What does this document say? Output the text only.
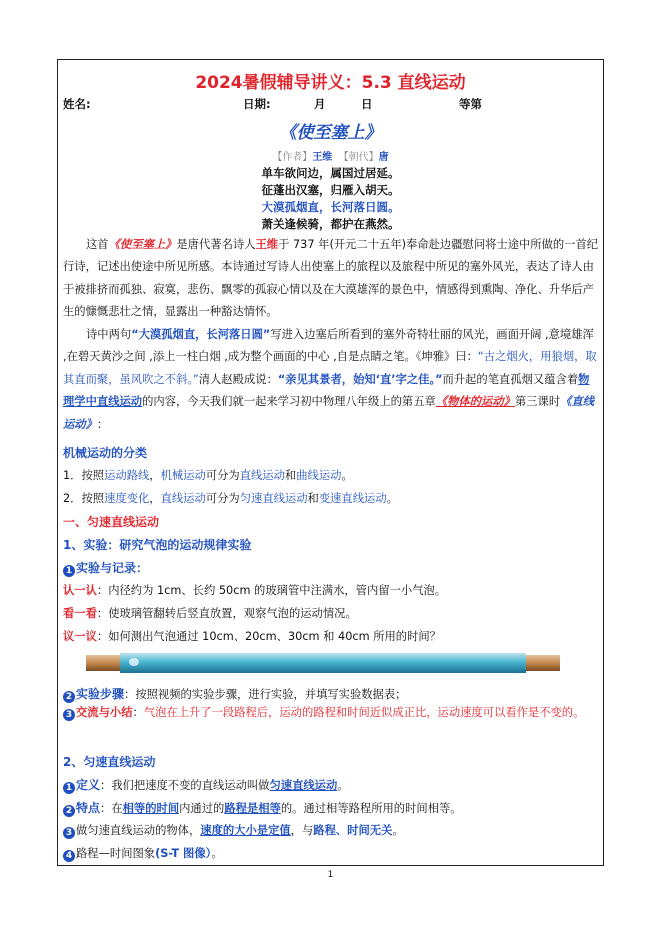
2024暑假辅导讲义：5.3 直线运动
姓名:	日期:	月	日	等第
《使至塞上》
【作者】王维 【朝代】唐
单车欲问边，属国过居延。
征蓬出汉塞，归雁入胡天。
大漠孤烟直，长河落日圆。
萧关逢候骑，都护在燕然。
这首《使至塞上》是唐代著名诗人王维于 737 年(开元二十五年)奉命赴边疆慰问将士途中所做的一首纪行诗，记述出使途中所见所感。本诗通过写诗人出使塞上的旅程以及旅程中所见的塞外风光，表达了诗人由于被排挤而孤独、寂寞，悲伤、飘零的孤寂心情以及在大漠雄浑的景色中，情感得到熏陶、净化、升华后产生的慷慨悲壮之情，显露出一种豁达情怀。
诗中两句“大漠孤烟直，长河落日圆”写进入边塞后所看到的塞外奇特壮丽的风光，画面开阔 ,意境雄浑 ,在碧天黄沙之间 ,添上一柱白烟 ,成为整个画面的中心 ,自是点睛之笔。《坤雅》曰：“古之烟火，用狼烟，取其直而聚，虽风吹之不斜。”清人赵殿成说：“亲见其景者，始知‘直’字之佳。”而升起的笔直孤烟又蕴含着物理学中直线运动的内容，今天我们就一起来学习初中物理八年级上的第五章《物体的运动》第三课时《直线运动》：
机械运动的分类
1．按照运动路线，机械运动可分为直线运动和曲线运动。
2．按照速度变化，直线运动可分为匀速直线运动和变速直线运动。
一、匀速直线运动
1、实验：研究气泡的运动规律实验
1 实验与记录：
认一认：内径约为 1cm、长约 50cm 的玻璃管中注满水，管内留一小气泡。
看一看：使玻璃管翻转后竖直放置，观察气泡的运动情况。
议一议：如何测出气泡通过 10cm、20cm、30cm 和 40cm 所用的时间？
2 实验步骤：按照视频的实验步骤，进行实验，并填写实验数据表；
3 交流与小结：气泡在上升了一段路程后，运动的路程和时间近似成正比，运动速度可以看作是不变的。
2、匀速直线运动
1 定义：我们把速度不变的直线运动叫做匀速直线运动。
2 特点：在相等的时间内通过的路程是相等的。通过相等路程所用的时间相等。
3 做匀速直线运动的物体，速度的大小是定值，与路程、时间无关。
4 路程—时间图象(S-T 图像）。
1
